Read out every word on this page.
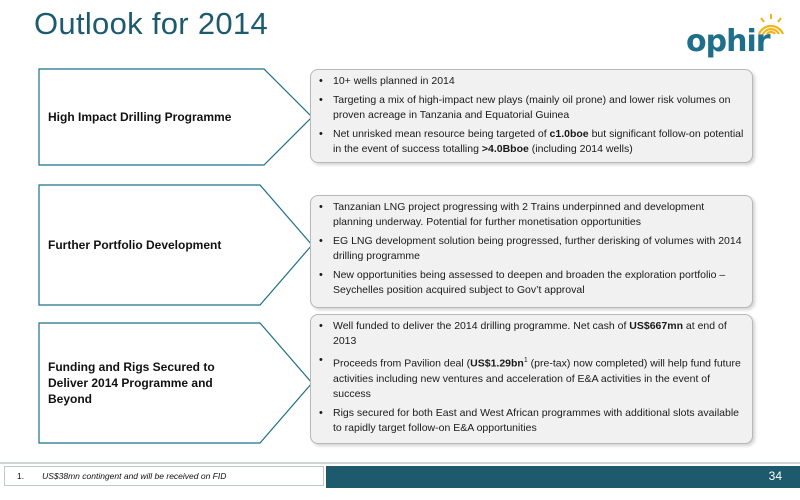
Outlook for 2014
ophir
High Impact Drilling Programme
• 10+ wells planned in 2014
• Targeting a mix of high-impact new plays (mainly oil prone) and lower risk volumes on proven acreage in Tanzania and Equatorial Guinea
• Net unrisked mean resource being targeted of c1.0boe but significant follow-on potential in the event of success totalling >4.0Bboe (including 2014 wells)
Further Portfolio Development
• Tanzanian LNG project progressing with 2 Trains underpinned and development planning underway. Potential for further monetisation opportunities
• EG LNG development solution being progressed, further derisking of volumes with 2014 drilling programme
• New opportunities being assessed to deepen and broaden the exploration portfolio – Seychelles position acquired subject to Gov’t approval
Funding and Rigs Secured to Deliver 2014 Programme and Beyond
• Well funded to deliver the 2014 drilling programme. Net cash of US$667mn at end of 2013
• Proceeds from Pavilion deal ($US\$1.29bn^1$ (pre-tax) now completed) will help fund future activities including new ventures and acceleration of E&A activities in the event of success
• Rigs secured for both East and West African programmes with additional slots available to rapidly target follow-on E&A opportunities
1. US$38mn contingent and will be received on FID	34
